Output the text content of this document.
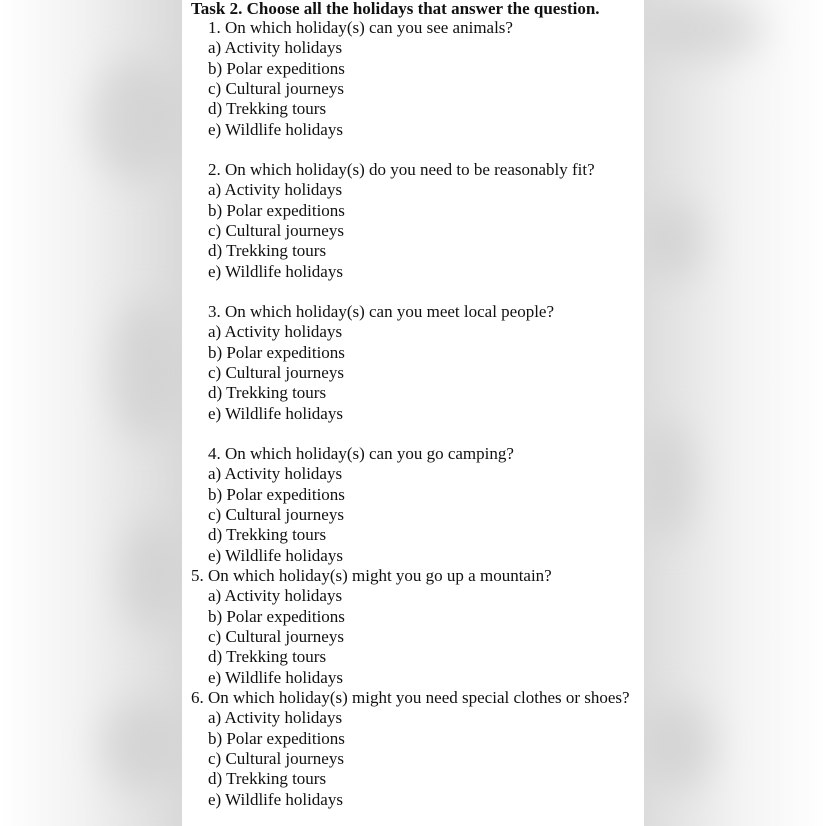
Task 2. Choose all the holidays that answer the question.
1. On which holiday(s) can you see animals?
a) Activity holidays
b) Polar expeditions
c) Cultural journeys
d) Trekking tours
e) Wildlife holidays
2. On which holiday(s) do you need to be reasonably fit?
a) Activity holidays
b) Polar expeditions
c) Cultural journeys
d) Trekking tours
e) Wildlife holidays
3. On which holiday(s) can you meet local people?
a) Activity holidays
b) Polar expeditions
c) Cultural journeys
d) Trekking tours
e) Wildlife holidays
4. On which holiday(s) can you go camping?
a) Activity holidays
b) Polar expeditions
c) Cultural journeys
d) Trekking tours
e) Wildlife holidays
5. On which holiday(s) might you go up a mountain?
a) Activity holidays
b) Polar expeditions
c) Cultural journeys
d) Trekking tours
e) Wildlife holidays
6. On which holiday(s) might you need special clothes or shoes?
a) Activity holidays
b) Polar expeditions
c) Cultural journeys
d) Trekking tours
e) Wildlife holidays
